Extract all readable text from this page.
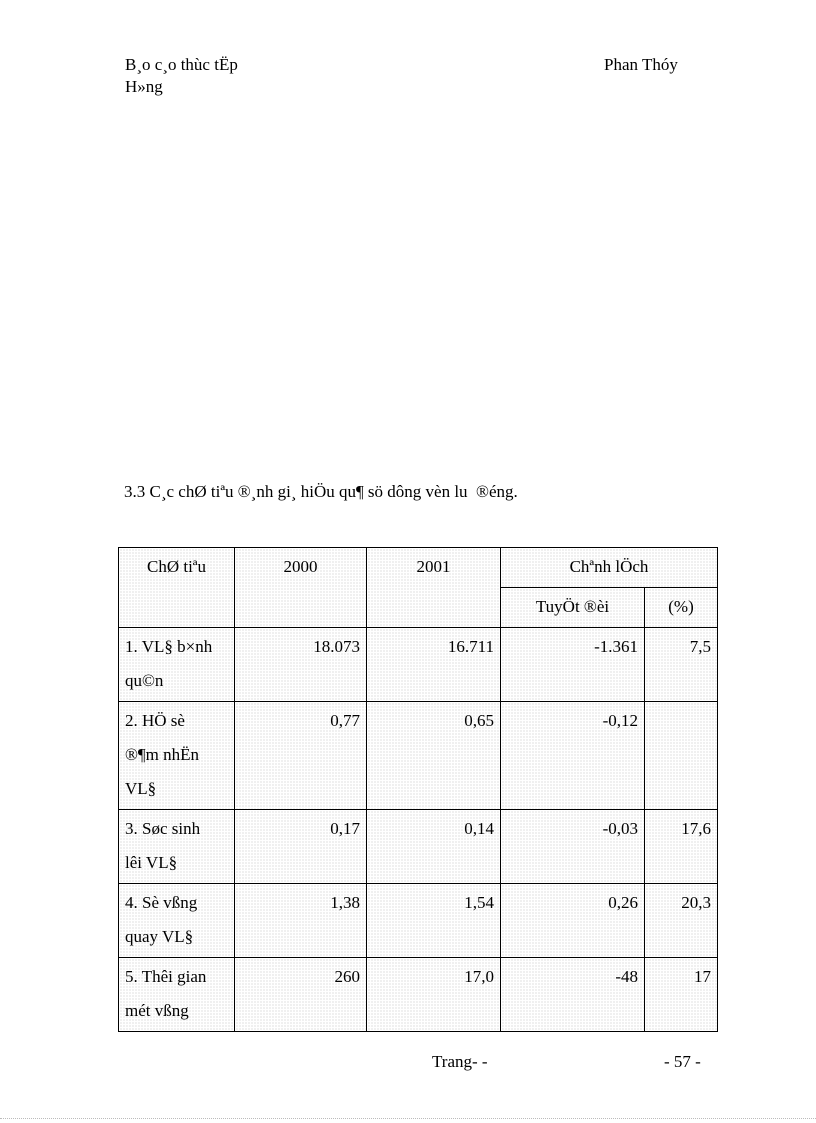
B¸o c¸o thùc tËp
H»ng
Phan Thóy
3.3 C¸c chØ tiªu ®¸nh gi¸ hiÖu qu¶ sö dông vèn lu  ®éng.
ChØ tiªu	2000	2001	Chªnh lÖch	
			TuyÖt ®èi	(%)

1. VL§ b×nh
qu©n	18.073	16.711	-1.361	7,5

2. HÖ sè
®¶m nhËn
VL§	0,77	0,65	-0,12	

3. Søc sinh
lêi VL§	0,17	0,14	-0,03	17,6

4. Sè vßng
quay VL§	1,38	1,54	0,26	20,3

5. Thêi gian
mét vßng	260	17,0	-48	17
Trang- -	- 57 -
